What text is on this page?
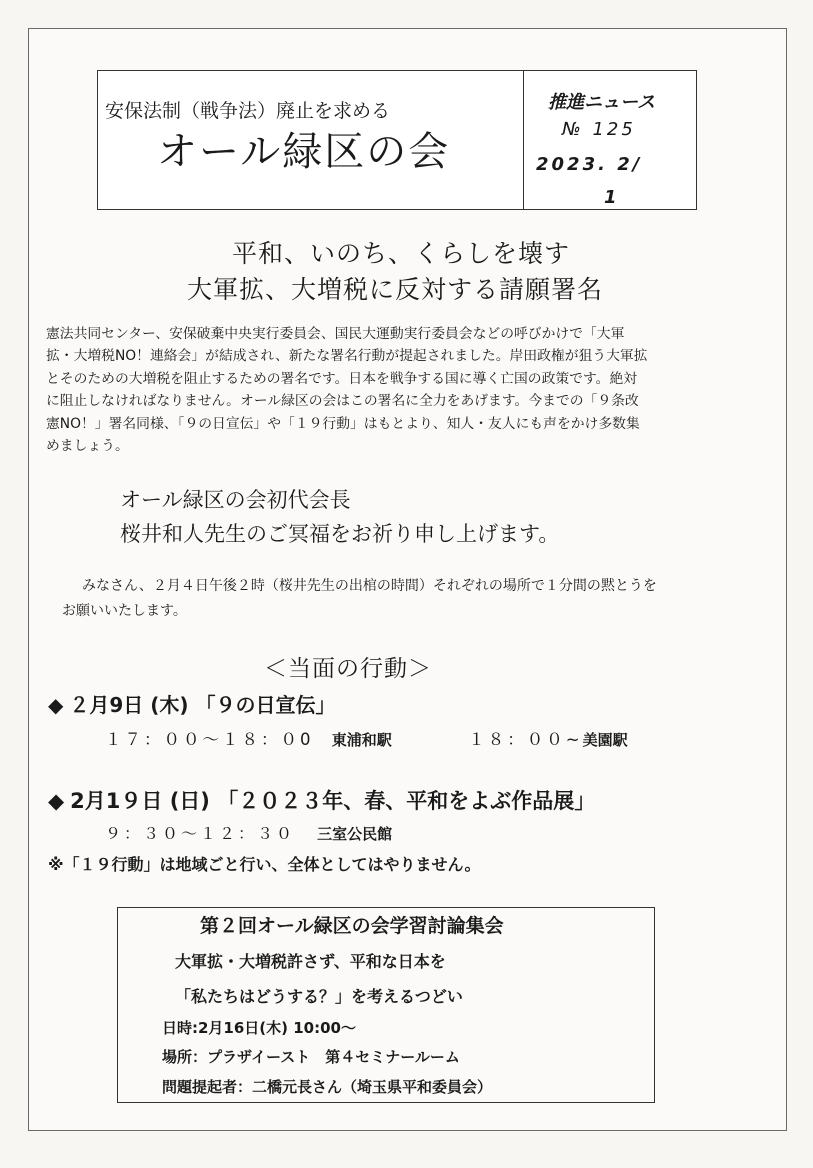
安保法制（戦争法）廃止を求める
オール緑区の会
推進ニュース
№ 125
2023. 2/
1
平和、いのち、くらしを壊す
大軍拡、大増税に反対する請願署名

憲法共同センター、安保破棄中央実行委員会、国民大運動実行委員会などの呼びかけで「大軍

拡・大増税NO！連絡会」が結成され、新たな署名行動が提起されました。岸田政権が狙う大軍拡

とそのための大増税を阻止するための署名です。日本を戦争する国に導く亡国の政策です。絶対

に阻止しなければなりません。オール緑区の会はこの署名に全力をあげます。今までの「９条改

憲NO！」署名同様、「９の日宣伝」や「１９行動」はもとより、知人・友人にも声をかけ多数集

めましょう。

オール緑区の会初代会長
桜井和人先生のご冥福をお祈り申し上げます。
みなさん、２月４日午後２時（桜井先生の出棺の時間）それぞれの場所で１分間の黙とうを
お願いいたします。
＜当面の行動＞
◆ ２月9日 (木) 「９の日宣伝」
１７：００～１８：０0 東浦和駅	１８：００~美園駅
◆ 2月1９日 (日) 「２０２３年、春、平和をよぶ作品展」
９：３０～１２：３０ 三室公民館
※「１９行動」は地域ごと行い、全体としてはやりません。
第２回オール緑区の会学習討論集会
大軍拡・大増税許さず、平和な日本を
「私たちはどうする？」を考えるつどい
日時:2月16日(木) 10:00～
場所：プラザイースト　第４セミナールーム
問題提起者：二橋元長さん（埼玉県平和委員会）
